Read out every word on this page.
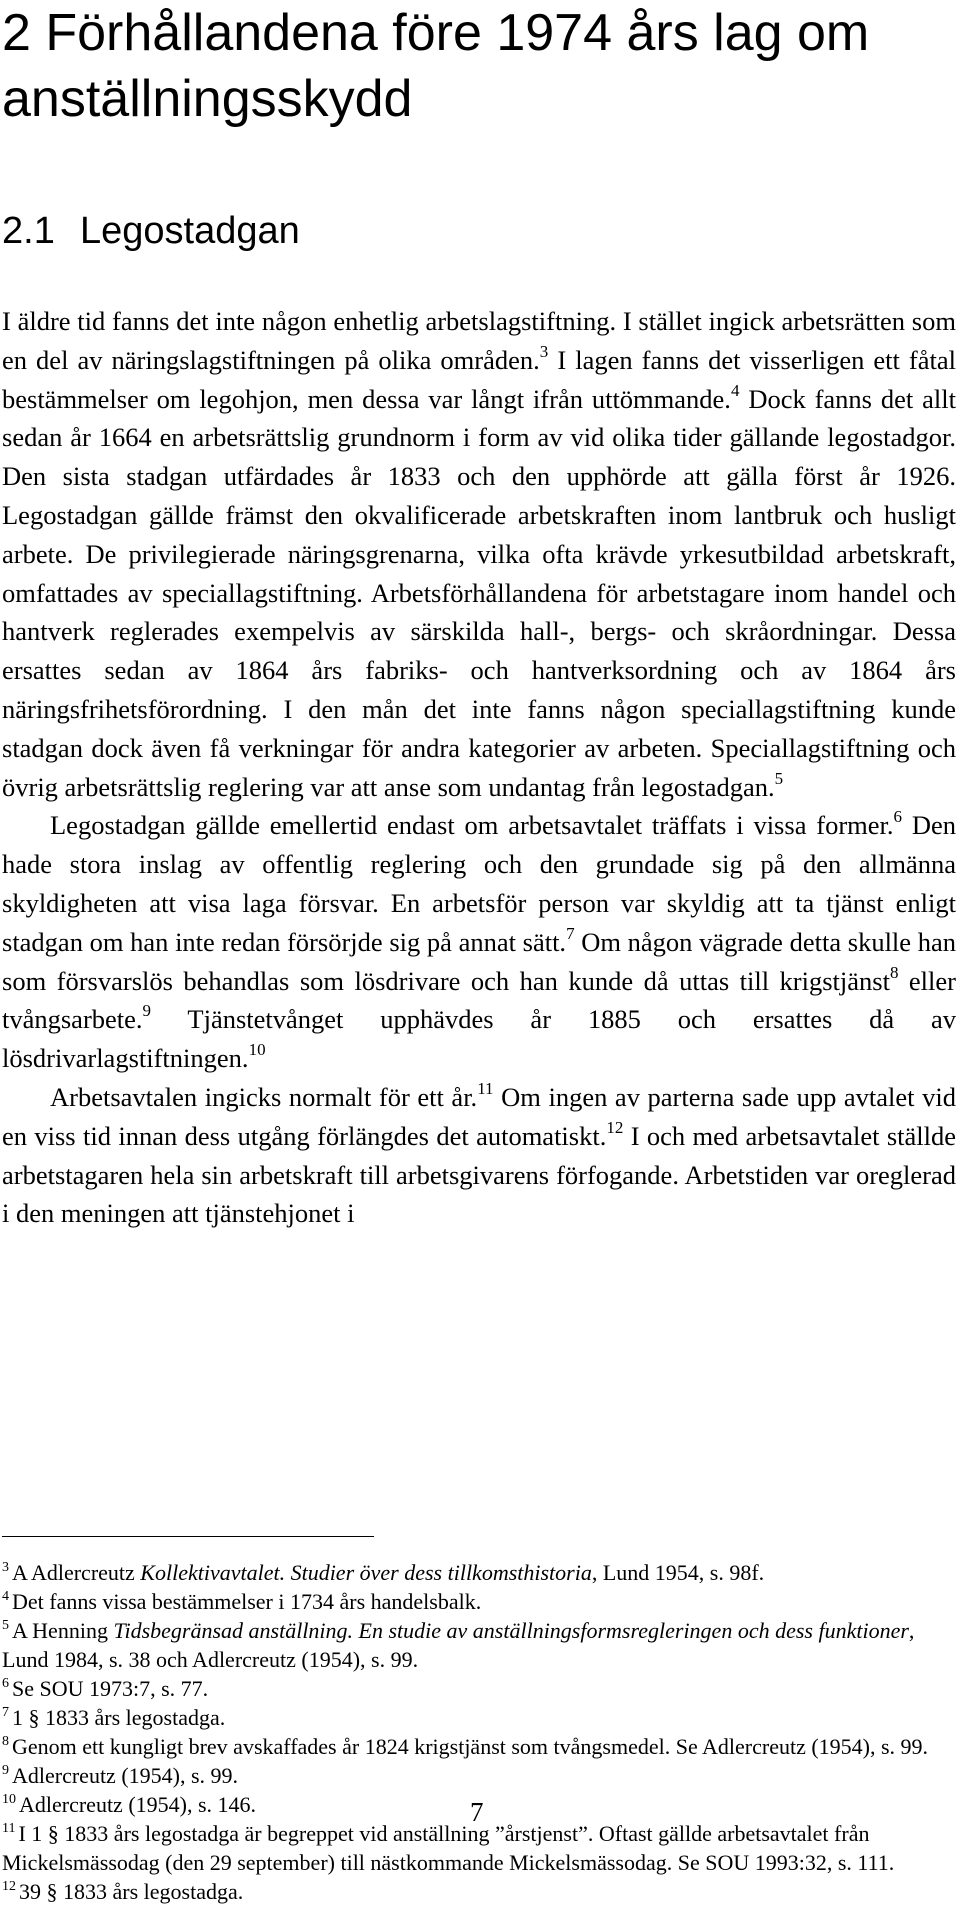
2 Förhållandena före 1974 års lag om anställningsskydd
2.1 Legostadgan

I äldre tid fanns det inte någon enhetlig arbetslagstiftning. I stället ingick arbetsrätten som en del av näringslagstiftningen på olika områden.$^3$ I lagen fanns det visserligen ett fåtal bestämmelser om legohjon, men dessa var långt ifrån uttömmande.$^4$ Dock fanns det allt sedan år 1664 en arbetsrättslig grundnorm i form av vid olika tider gällande legostadgor. Den sista stadgan utfärdades år 1833 och den upphörde att gälla först år 1926. Legostadgan gällde främst den okvalificerade arbetskraften inom lantbruk och husligt arbete. De privilegierade näringsgrenarna, vilka ofta krävde yrkesutbildad arbetskraft, omfattades av speciallagstiftning. Arbetsförhållandena för arbetstagare inom handel och hantverk reglerades exempelvis av särskilda hall-, bergs- och skråordningar. Dessa ersattes sedan av 1864 års fabriks- och hantverksordning och av 1864 års näringsfrihetsförordning. I den mån det inte fanns någon speciallagstiftning kunde stadgan dock även få verkningar för andra kategorier av arbeten. Speciallagstiftning och övrig arbetsrättslig reglering var att anse som undantag från legostadgan.$^5$

Legostadgan gällde emellertid endast om arbetsavtalet träffats i vissa former.$^6$ Den hade stora inslag av offentlig reglering och den grundade sig på den allmänna skyldigheten att visa laga försvar. En arbetsför person var skyldig att ta tjänst enligt stadgan om han inte redan försörjde sig på annat sätt.$^7$ Om någon vägrade detta skulle han som försvarslös behandlas som lösdrivare och han kunde då uttas till krigstjänst$^8$ eller tvångsarbete.$^9$ Tjänstetvånget upphävdes år 1885 och ersattes då av lösdrivarlagstiftningen.$^{10}$

Arbetsavtalen ingicks normalt för ett år.$^{11}$ Om ingen av parterna sade upp avtalet vid en viss tid innan dess utgång förlängdes det automatiskt.$^{12}$ I och med arbetsavtalet ställde arbetstagaren hela sin arbetskraft till arbetsgivarens förfogande. Arbetstiden var oreglerad i den meningen att tjänstehjonet i

$^3$ A Adlercreutz Kollektivavtalet. Studier över dess tillkomsthistoria, Lund 1954, s. 98f.
$^4$ Det fanns vissa bestämmelser i 1734 års handelsbalk.
$^5$ A Henning Tidsbegränsad anställning. En studie av anställningsformsregleringen och dess funktioner, Lund 1984, s. 38 och Adlercreutz (1954), s. 99.
$^6$ Se SOU 1973:7, s. 77.
$^7$ 1 § 1833 års legostadga.
$^8$ Genom ett kungligt brev avskaffades år 1824 krigstjänst som tvångsmedel. Se Adlercreutz (1954), s. 99.
$^9$ Adlercreutz (1954), s. 99.
$^{10}$ Adlercreutz (1954), s. 146.
$^{11}$ I 1 § 1833 års legostadga är begreppet vid anställning ”årstjenst”. Oftast gällde arbetsavtalet från Mickelsmässodag (den 29 september) till nästkommande Mickelsmässodag. Se SOU 1993:32, s. 111.
$^{12}$ 39 § 1833 års legostadga.
7
